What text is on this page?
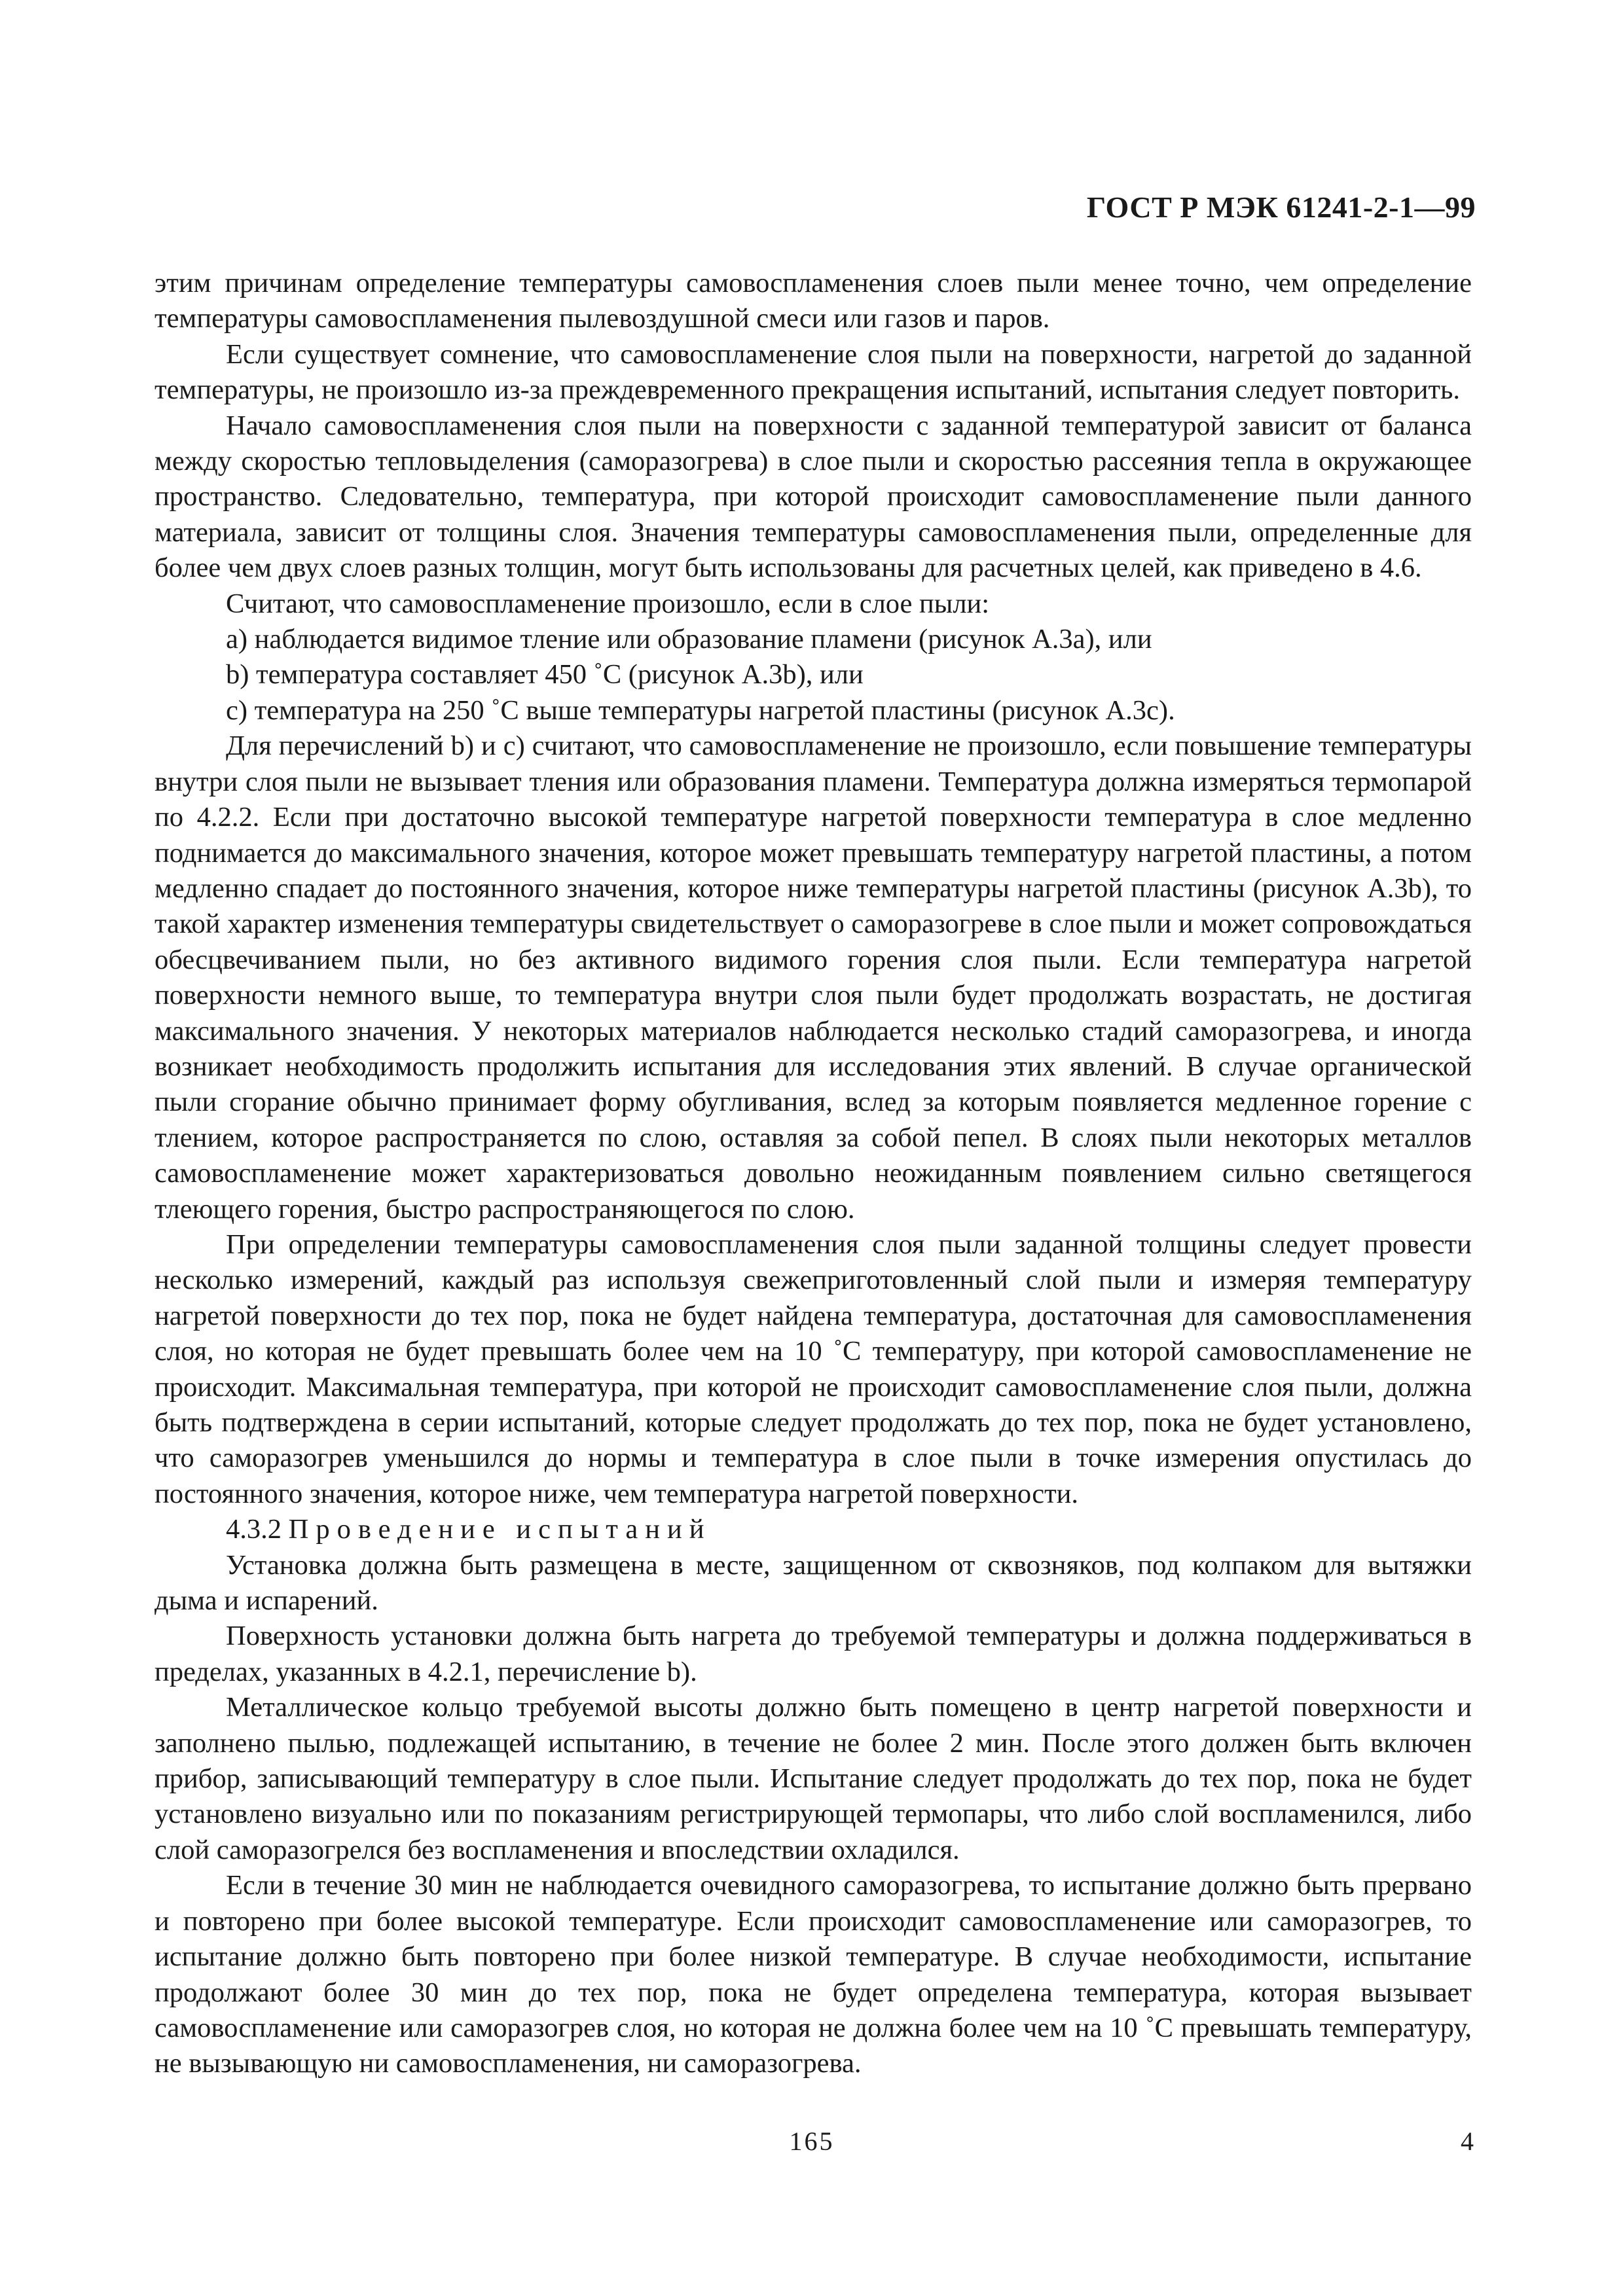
ГОСТ Р МЭК 61241-2-1—99

этим причинам определение температуры самовоспламенения слоев пыли менее точно, чем определение температуры самовоспламенения пылевоздушной смеси или газов и паров.

Если существует сомнение, что самовоспламенение слоя пыли на поверхности, нагретой до заданной температуры, не произошло из-за преждевременного прекращения испытаний, испытания следует повторить.

Начало самовоспламенения слоя пыли на поверхности с заданной температурой зависит от баланса между скоростью тепловыделения (саморазогрева) в слое пыли и скоростью рассеяния тепла в окружающее пространство. Следовательно, температура, при которой происходит самовоспламенение пыли данного материала, зависит от толщины слоя. Значения температуры самовоспламенения пыли, определенные для более чем двух слоев разных толщин, могут быть использованы для расчетных целей, как приведено в 4.6.

Считают, что самовоспламенение произошло, если в слое пыли:

a) наблюдается видимое тление или образование пламени (рисунок А.3а), или

b) температура составляет 450 ˚С (рисунок А.3b), или

c) температура на 250 ˚С выше температуры нагретой пластины (рисунок А.3с).

Для перечислений b) и с) считают, что самовоспламенение не произошло, если повышение температуры внутри слоя пыли не вызывает тления или образования пламени. Температура должна измеряться термопарой по 4.2.2. Если при достаточно высокой температуре нагретой поверхности температура в слое медленно поднимается до максимального значения, которое может превышать температуру нагретой пластины, а потом медленно спадает до постоянного значения, которое ниже температуры нагретой пластины (рисунок А.3b), то такой характер изменения температуры свидетельствует о саморазогреве в слое пыли и может сопровождаться обесцвечиванием пыли, но без активного видимого горения слоя пыли. Если температура нагретой поверхности немного выше, то температура внутри слоя пыли будет продолжать возрастать, не достигая максимального значения. У некоторых материалов наблюдается несколько стадий саморазогрева, и иногда возникает необходимость продолжить испытания для исследования этих явлений. В случае органической пыли сгорание обычно принимает форму обугливания, вслед за которым появляется медленное горение с тлением, которое распространяется по слою, оставляя за собой пепел. В слоях пыли некоторых металлов самовоспламенение может характеризоваться довольно неожиданным появлением сильно светящегося тлеющего горения, быстро распространяющегося по слою.

При определении температуры самовоспламенения слоя пыли заданной толщины следует провести несколько измерений, каждый раз используя свежеприготовленный слой пыли и измеряя температуру нагретой поверхности до тех пор, пока не будет найдена температура, достаточная для самовоспламенения слоя, но которая не будет превышать более чем на 10 ˚С температуру, при которой самовоспламенение не происходит. Максимальная температура, при которой не происходит самовоспламенение слоя пыли, должна быть подтверждена в серии испытаний, которые следует продолжать до тех пор, пока не будет установлено, что саморазогрев уменьшился до нормы и температура в слое пыли в точке измерения опустилась до постоянного значения, которое ниже, чем температура нагретой поверхности.

4.3.2 Проведение испытаний

Установка должна быть размещена в месте, защищенном от сквозняков, под колпаком для вытяжки дыма и испарений.

Поверхность установки должна быть нагрета до требуемой температуры и должна поддерживаться в пределах, указанных в 4.2.1, перечисление b).

Металлическое кольцо требуемой высоты должно быть помещено в центр нагретой поверхности и заполнено пылью, подлежащей испытанию, в течение не более 2 мин. После этого должен быть включен прибор, записывающий температуру в слое пыли. Испытание следует продолжать до тех пор, пока не будет установлено визуально или по показаниям регистрирующей термопары, что либо слой воспламенился, либо слой саморазогрелся без воспламенения и впоследствии охладился.

Если в течение 30 мин не наблюдается очевидного саморазогрева, то испытание должно быть прервано и повторено при более высокой температуре. Если происходит самовоспламенение или саморазогрев, то испытание должно быть повторено при более низкой температуре. В случае необходимости, испытание продолжают более 30 мин до тех пор, пока не будет определена температура, которая вызывает самовоспламенение или саморазогрев слоя, но которая не должна более чем на 10 ˚С превышать температуру, не вызывающую ни самовоспламенения, ни саморазогрева.

165	4
